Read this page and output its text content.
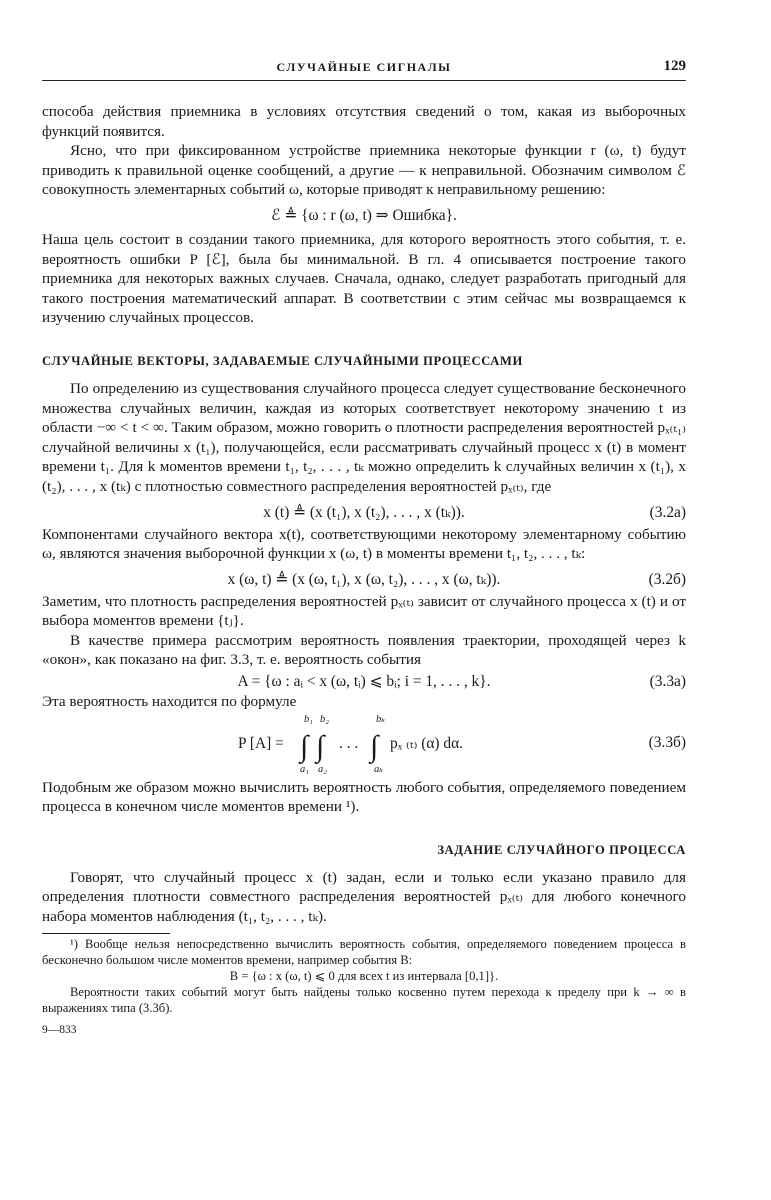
СЛУЧАЙНЫЕ СИГНАЛЫ	129

способа действия приемника в условиях отсутствия сведений о том, какая из выборочных функций появится.

Ясно, что при фиксированном устройстве приемника некоторые функции r (ω, t) будут приводить к правильной оценке сообщений, а другие — к неправильной. Обозначим символом ℰ совокупность элементарных событий ω, которые приводят к неправильному решению:

ℰ ≜ {ω : r (ω, t) ⇒ Ошибка}.

Наша цель состоит в создании такого приемника, для которого вероятность этого события, т. е. вероятность ошибки P [ℰ], была бы минимальной. В гл. 4 описывается построение такого приемника для некоторых важных случаев. Сначала, однако, следует разработать пригодный для такого построения математический аппарат. В соответствии с этим сейчас мы возвращаемся к изучению случайных процессов.

СЛУЧАЙНЫЕ ВЕКТОРЫ, ЗАДАВАЕМЫЕ СЛУЧАЙНЫМИ ПРОЦЕССАМИ

По определению из существования случайного процесса следует существование бесконечного множества случайных величин, каждая из которых соответствует некоторому значению t из области −∞ < t < ∞. Таким образом, можно говорить о плотности распределения вероятностей pₓ₍ₜ₁₎ случайной величины x (t₁), получающейся, если рассматривать случайный процесс x (t) в момент времени t₁. Для k моментов времени t₁, t₂, . . . , tₖ можно определить k случайных величин x (t₁), x (t₂), . . . , x (tₖ) с плотностью совместного распределения вероятностей pₓ₍ₜ₎, где

x (t) ≜ (x (t₁), x (t₂), . . . , x (tₖ)).	(3.2а)

Компонентами случайного вектора x(t), соответствующими некоторому элементарному событию ω, являются значения выборочной функции x (ω, t) в моменты времени t₁, t₂, . . . , tₖ:

x (ω, t) ≜ (x (ω, t₁), x (ω, t₂), . . . , x (ω, tₖ)).	(3.2б)

Заметим, что плотность распределения вероятностей pₓ₍ₜ₎ зависит от случайного процесса x (t) и от выбора моментов времени {tⱼ}.

В качестве примера рассмотрим вероятность появления траектории, проходящей через k «окон», как показано на фиг. 3.3, т. е. вероятность события

A = {ω : aᵢ < x (ω, tᵢ) ⩽ bᵢ; i = 1, . . . , k}.	(3.3а)

Эта вероятность находится по формуле

P [A] = ∫ ∫
b₁ b₂
a₁ a₂
. . . ∫
bₖ
aₖ
pₓ ₍ₜ₎ (α) dα.	(3.3б)

Подобным же образом можно вычислить вероятность любого события, определяемого поведением процесса в конечном числе моментов времени ¹).

ЗАДАНИЕ СЛУЧАЙНОГО ПРОЦЕССА

Говорят, что случайный процесс x (t) задан, если и только если указано правило для определения плотности совместного распределения вероятностей pₓ₍ₜ₎ для любого конечного набора моментов наблюдения (t₁, t₂, . . . , tₖ).

¹) Вообще нельзя непосредственно вычислить вероятность события, определяемого поведением процесса в бесконечно большом числе моментов времени, например события B:

B = {ω : x (ω, t) ⩽ 0 для всех t из интервала [0,1]}.

Вероятности таких событий могут быть найдены только косвенно путем перехода к пределу при k → ∞ в выражениях типа (3.3б).

9—833
